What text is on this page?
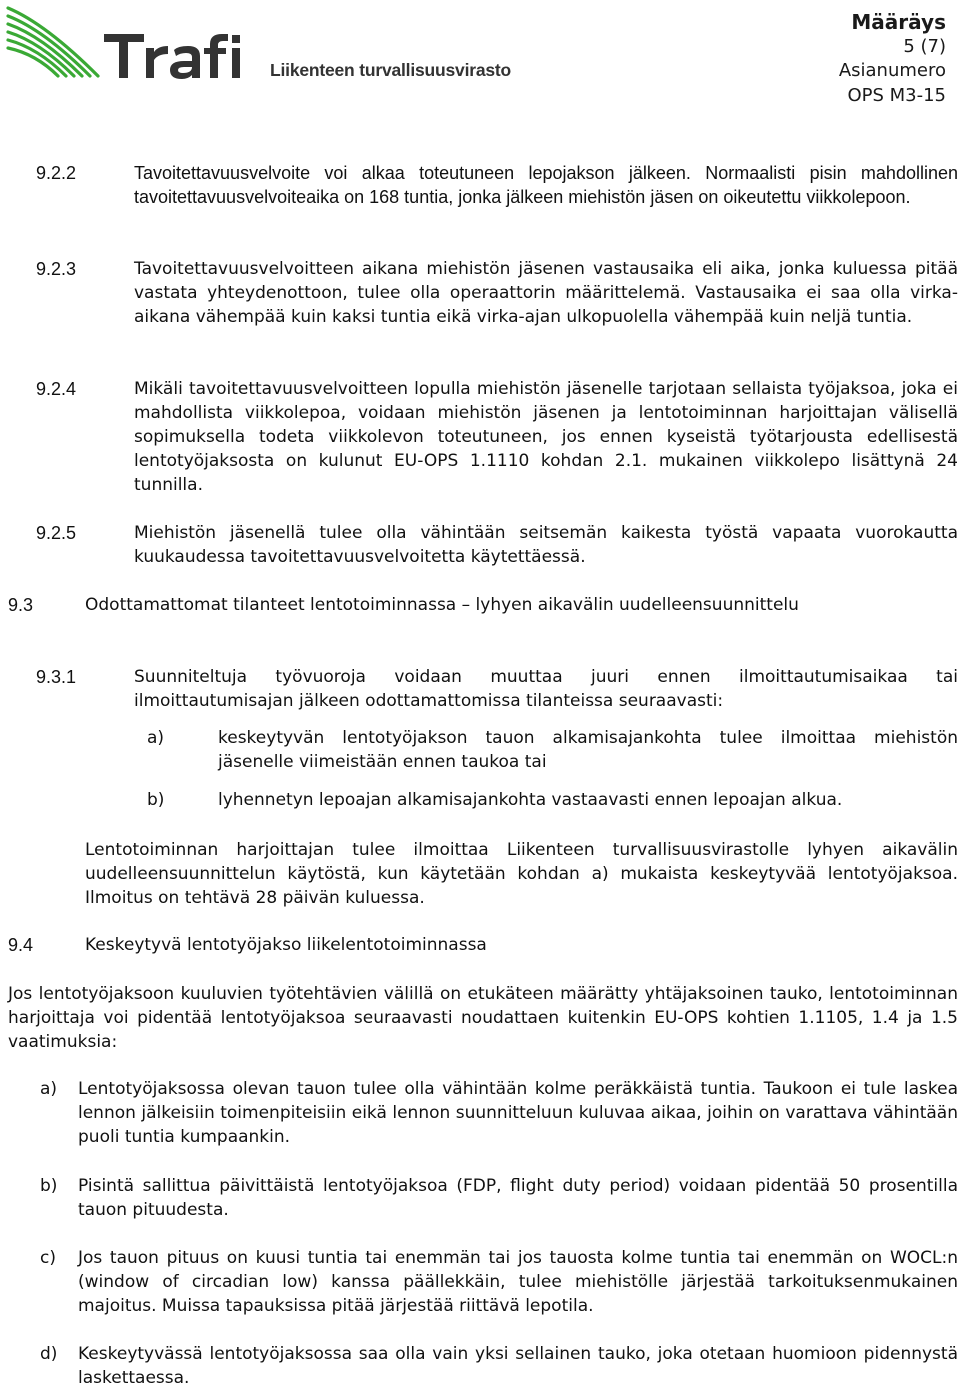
Liikenteen turvallisuusvirasto
Määräys
5 (7)
Asianumero
OPS M3-15
9.2.2	Tavoitettavuusvelvoite voi alkaa toteutuneen lepojakson jälkeen. Normaalisti pisin mahdollinen tavoitettavuusvelvoiteaika on 168 tuntia, jonka jälkeen miehistön jäsen on oikeutettu viikkolepoon.
9.2.3	Tavoitettavuusvelvoitteen aikana miehistön jäsenen vastausaika eli aika, jonka kuluessa pitää vastata yhteydenottoon, tulee olla operaattorin määrittelemä. Vastausaika ei saa olla virka-aikana vähempää kuin kaksi tuntia eikä virka-ajan ulkopuolella vähempää kuin neljä tuntia.
9.2.4	Mikäli tavoitettavuusvelvoitteen lopulla miehistön jäsenelle tarjotaan sellaista työjaksoa, joka ei mahdollista viikkolepoa, voidaan miehistön jäsenen ja lentotoiminnan harjoittajan välisellä sopimuksella todeta viikkolevon toteutuneen, jos ennen kyseistä työtarjousta edellisestä lentotyöjaksosta on kulunut EU-OPS 1.1110 kohdan 2.1. mukainen viikkolepo lisättynä 24 tunnilla.
9.2.5	Miehistön jäsenellä tulee olla vähintään seitsemän kaikesta työstä vapaata vuorokautta kuukaudessa tavoitettavuusvelvoitetta käytettäessä.
9.3	Odottamattomat tilanteet lentotoiminnassa – lyhyen aikavälin uudelleensuunnittelu
9.3.1	Suunniteltuja työvuoroja voidaan muuttaa juuri ennen ilmoittautumisaikaa tai ilmoittautumisajan jälkeen odottamattomissa tilanteissa seuraavasti:
a)	keskeytyvän lentotyöjakson tauon alkamisajankohta tulee ilmoittaa miehistön jäsenelle viimeistään ennen taukoa tai
b)	lyhennetyn lepoajan alkamisajankohta vastaavasti ennen lepoajan alkua.
Lentotoiminnan harjoittajan tulee ilmoittaa Liikenteen turvallisuusvirastolle lyhyen aikavälin uudelleensuunnittelun käytöstä, kun käytetään kohdan a) mukaista keskeytyvää lentotyöjaksoa. Ilmoitus on tehtävä 28 päivän kuluessa.
9.4	Keskeytyvä lentotyöjakso liikelentotoiminnassa
Jos lentotyöjaksoon kuuluvien työtehtävien välillä on etukäteen määrätty yhtäjaksoinen tauko, lentotoiminnan harjoittaja voi pidentää lentotyöjaksoa seuraavasti noudattaen kuitenkin EU-OPS kohtien 1.1105, 1.4 ja 1.5 vaatimuksia:
a) Lentotyöjaksossa olevan tauon tulee olla vähintään kolme peräkkäistä tuntia. Taukoon ei tule laskea lennon jälkeisiin toimenpiteisiin eikä lennon suunnitteluun kuluvaa aikaa, joihin on varattava vähintään puoli tuntia kumpaankin.
b) Pisintä sallittua päivittäistä lentotyöjaksoa (FDP, flight duty period) voidaan pidentää 50 prosentilla tauon pituudesta.
c) Jos tauon pituus on kuusi tuntia tai enemmän tai jos tauosta kolme tuntia tai enemmän on WOCL:n (window of circadian low) kanssa päällekkäin, tulee miehistölle järjestää tarkoituksenmukainen majoitus. Muissa tapauksissa pitää järjestää riittävä lepotila.
d) Keskeytyvässä lentotyöjaksossa saa olla vain yksi sellainen tauko, joka otetaan huomioon pidennystä laskettaessa.
